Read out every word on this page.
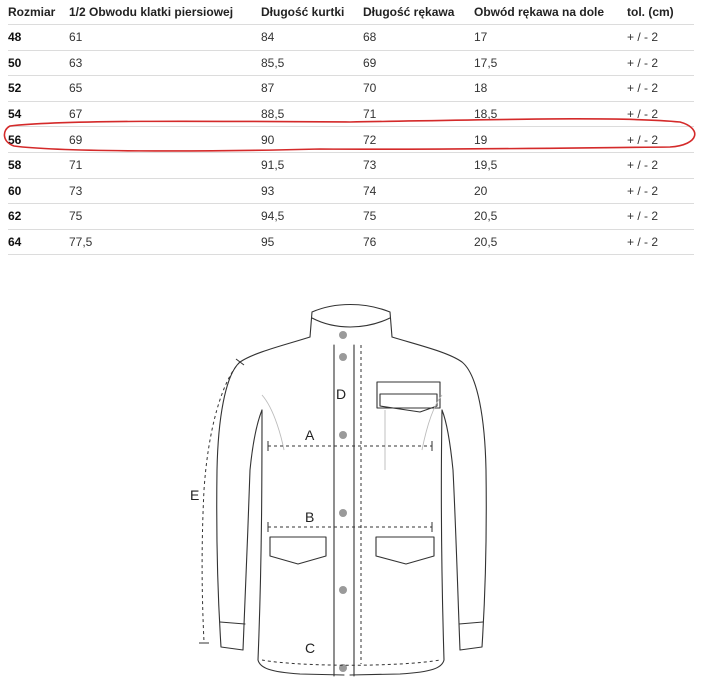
Rozmiar	1/2 Obwodu klatki piersiowej	Długość kurtki	Długość rękawa	Obwód rękawa na dole	tol. (cm)
48	61	84	68	17	+ / - 2
50	63	85,5	69	17,5	+ / - 2
52	65	87	70	18	+ / - 2
54	67	88,5	71	18,5	+ / - 2
56	69	90	72	19	+ / - 2
58	71	91,5	73	19,5	+ / - 2
60	73	93	74	20	+ / - 2
62	75	94,5	75	20,5	+ / - 2
64	77,5	95	76	20,5	+ / - 2
A
B
C
D
E
